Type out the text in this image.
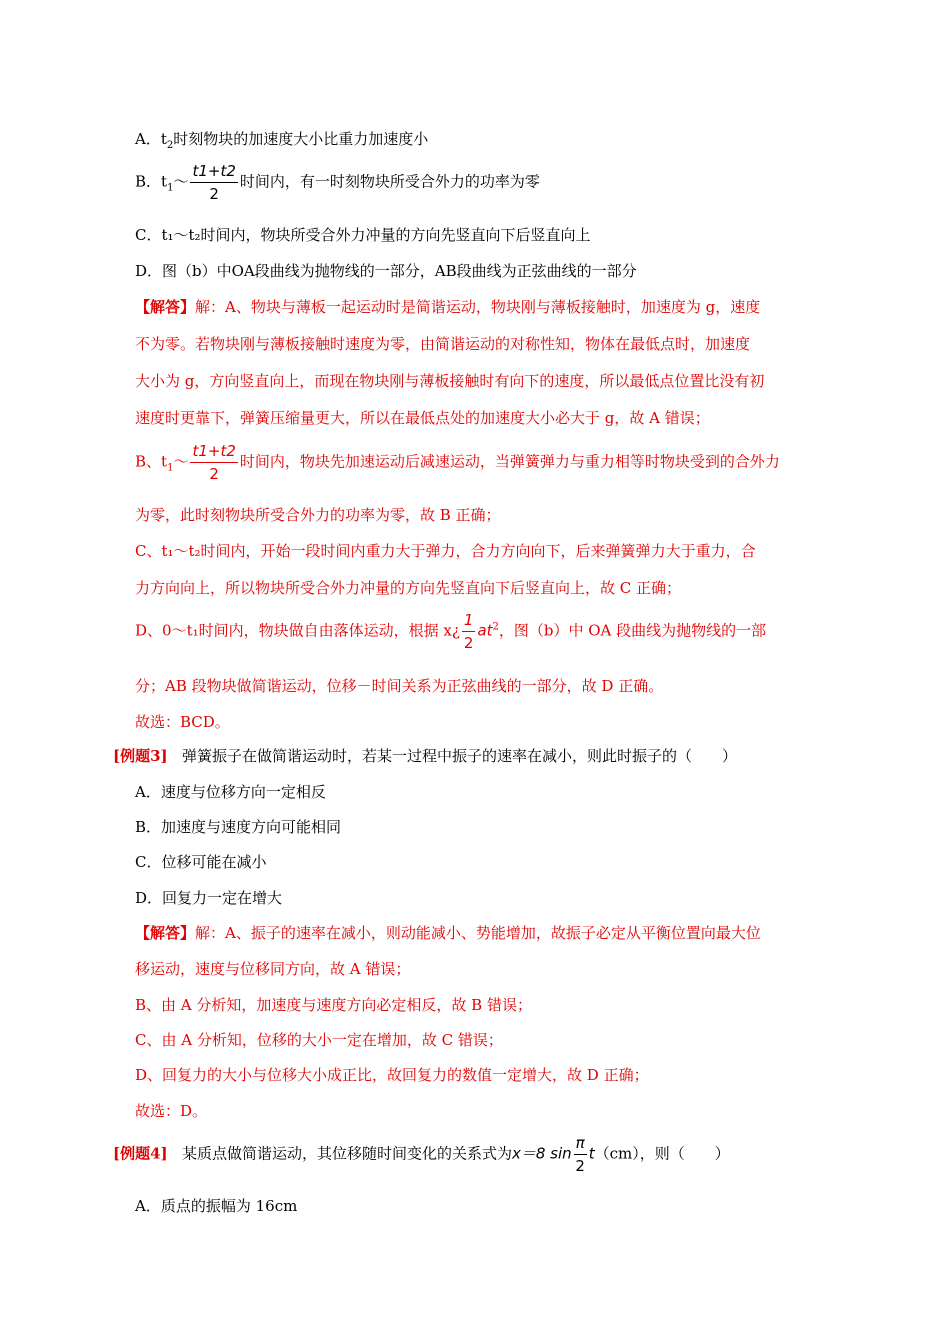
A．$t_2$时刻物块的加速度大小比重力加速度小
B．$t_1\sim \frac{t1+t2}{2}$ 时间内，有一时刻物块所受合外力的功率为零
C．t₁～t₂时间内，物块所受合外力冲量的方向先竖直向下后竖直向上
D．图（b）中OA段曲线为抛物线的一部分，AB段曲线为正弦曲线的一部分
【解答】解：A、物块与薄板一起运动时是简谐运动，物块刚与薄板接触时，加速度为 g，速度
不为零。若物块刚与薄板接触时速度为零，由简谐运动的对称性知，物体在最低点时，加速度
大小为 g，方向竖直向上，而现在物块刚与薄板接触时有向下的速度，所以最低点位置比没有初
速度时更靠下，弹簧压缩量更大，所以在最低点处的加速度大小必大于 g，故 A 错误；
B、$t_1\sim \frac{t1+t2}{2}$ 时间内，物块先加速运动后减速运动，当弹簧弹力与重力相等时物块受到的合外力
为零，此时刻物块所受合外力的功率为零，故 B 正确；
C、t₁～t₂时间内，开始一段时间内重力大于弹力，合力方向向下，后来弹簧弹力大于重力，合
力方向向上，所以物块所受合外力冲量的方向先竖直向下后竖直向上，故 C 正确；
D、0～t₁时间内，物块做自由落体运动，根据 x¿ $\frac{1}{2} at^2$，图（b）中 OA 段曲线为抛物线的一部
分；AB 段物块做简谐运动，位移－时间关系为正弦曲线的一部分，故 D 正确。
故选：BCD。
[例题3] 弹簧振子在做简谐运动时，若某一过程中振子的速率在减小，则此时振子的（　　）
A．速度与位移方向一定相反
B．加速度与速度方向可能相同
C．位移可能在减小
D．回复力一定在增大
【解答】解：A、振子的速率在减小，则动能减小、势能增加，故振子必定从平衡位置向最大位
移运动，速度与位移同方向，故 A 错误；
B、由 A 分析知，加速度与速度方向必定相反，故 B 错误；
C、由 A 分析知，位移的大小一定在增加，故 C 错误；
D、回复力的大小与位移大小成正比，故回复力的数值一定增大，故 D 正确；
故选：D。
[例题4] 某质点做简谐运动，其位移随时间变化的关系式为x＝8 $\sin \frac{\pi}{2} t(cm)$，则（　　）
A．质点的振幅为 16cm
